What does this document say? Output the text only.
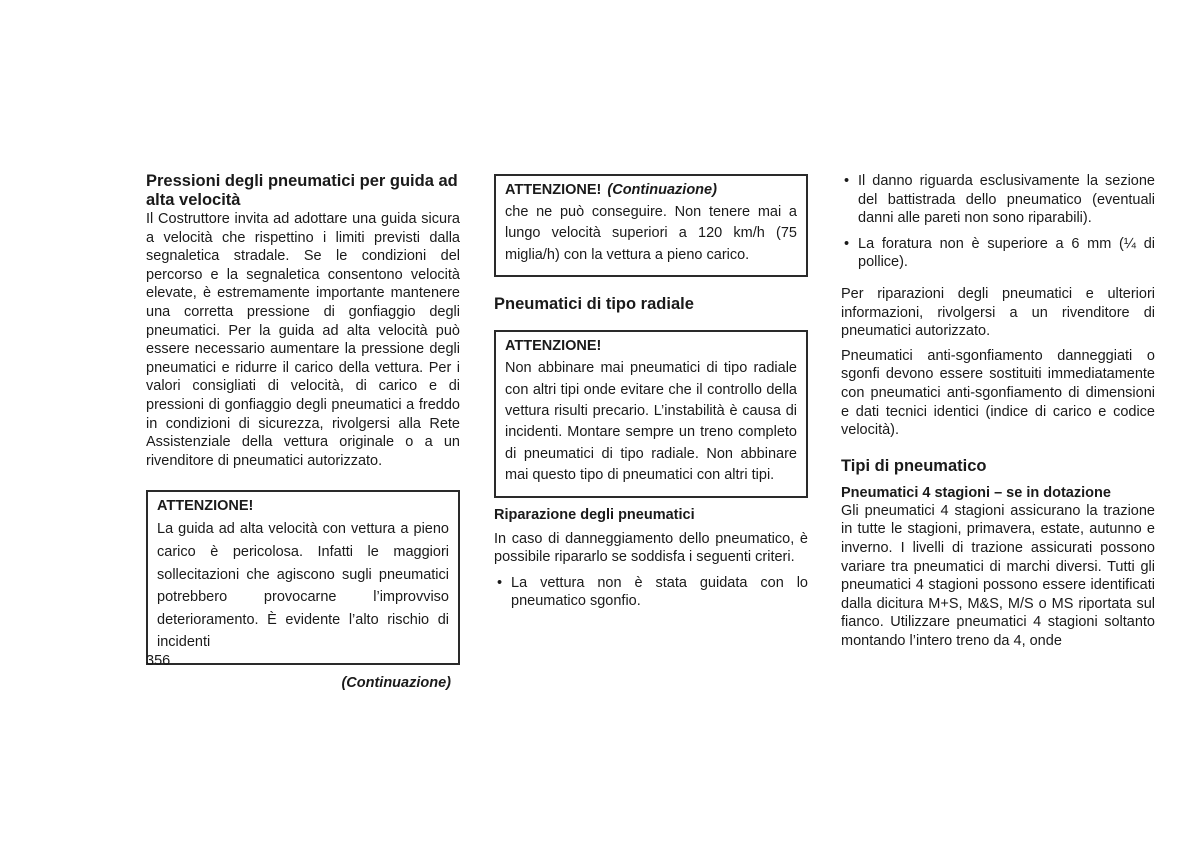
Pressioni degli pneumatici per guida ad alta velocità

Il Costruttore invita ad adottare una guida sicura a velocità che rispettino i limiti previsti dalla segnaletica stradale. Se le condizioni del percorso e la segnaletica consentono velocità elevate, è estremamente importante mantenere una corretta pressione di gonfiaggio degli pneumatici. Per la guida ad alta velocità può essere necessario aumentare la pressione degli pneumatici e ridurre il carico della vettura. Per i valori consigliati di velocità, di carico e di pressioni di gonfiaggio degli pneumatici a freddo in condizioni di sicurezza, rivolgersi alla Rete Assistenziale della vettura originale o a un rivenditore di pneumatici autorizzato.

ATTENZIONE!

La guida ad alta velocità con vettura a pieno carico è pericolosa. Infatti le maggiori sollecitazioni che agiscono sugli pneumatici potrebbero provocarne l’improvviso deterioramento. È evidente l’alto rischio di incidenti

(Continuazione)
ATTENZIONE! (Continuazione)

che ne può conseguire. Non tenere mai a lungo velocità superiori a 120 km/h (75 miglia/h) con la vettura a pieno carico.

Pneumatici di tipo radiale
ATTENZIONE!

Non abbinare mai pneumatici di tipo radiale con altri tipi onde evitare che il controllo della vettura risulti precario. L’instabilità è causa di incidenti. Montare sempre un treno completo di pneumatici di tipo radiale. Non abbinare mai questo tipo di pneumatici con altri tipi.

Riparazione degli pneumatici

In caso di danneggiamento dello pneumatico, è possibile ripararlo se soddisfa i seguenti criteri.

• La vettura non è stata guidata con lo pneumatico sgonfio.
• Il danno riguarda esclusivamente la sezione del battistrada dello pneumatico (eventuali danni alle pareti non sono riparabili).
• La foratura non è superiore a 6 mm (¼ di pollice).

Per riparazioni degli pneumatici e ulteriori informazioni, rivolgersi a un rivenditore di pneumatici autorizzato.

Pneumatici anti-sgonfiamento danneggiati o sgonfi devono essere sostituiti immediatamente con pneumatici anti-sgonfiamento di dimensioni e dati tecnici identici (indice di carico e codice velocità).

Tipi di pneumatico
Pneumatici 4 stagioni – se in dotazione

Gli pneumatici 4 stagioni assicurano la trazione in tutte le stagioni, primavera, estate, autunno e inverno. I livelli di trazione assicurati possono variare tra pneumatici di marchi diversi. Tutti gli pneumatici 4 stagioni possono essere identificati dalla dicitura M+S, M&S, M/S o MS riportata sul fianco. Utilizzare pneumatici 4 stagioni soltanto montando l’intero treno da 4, onde

356
